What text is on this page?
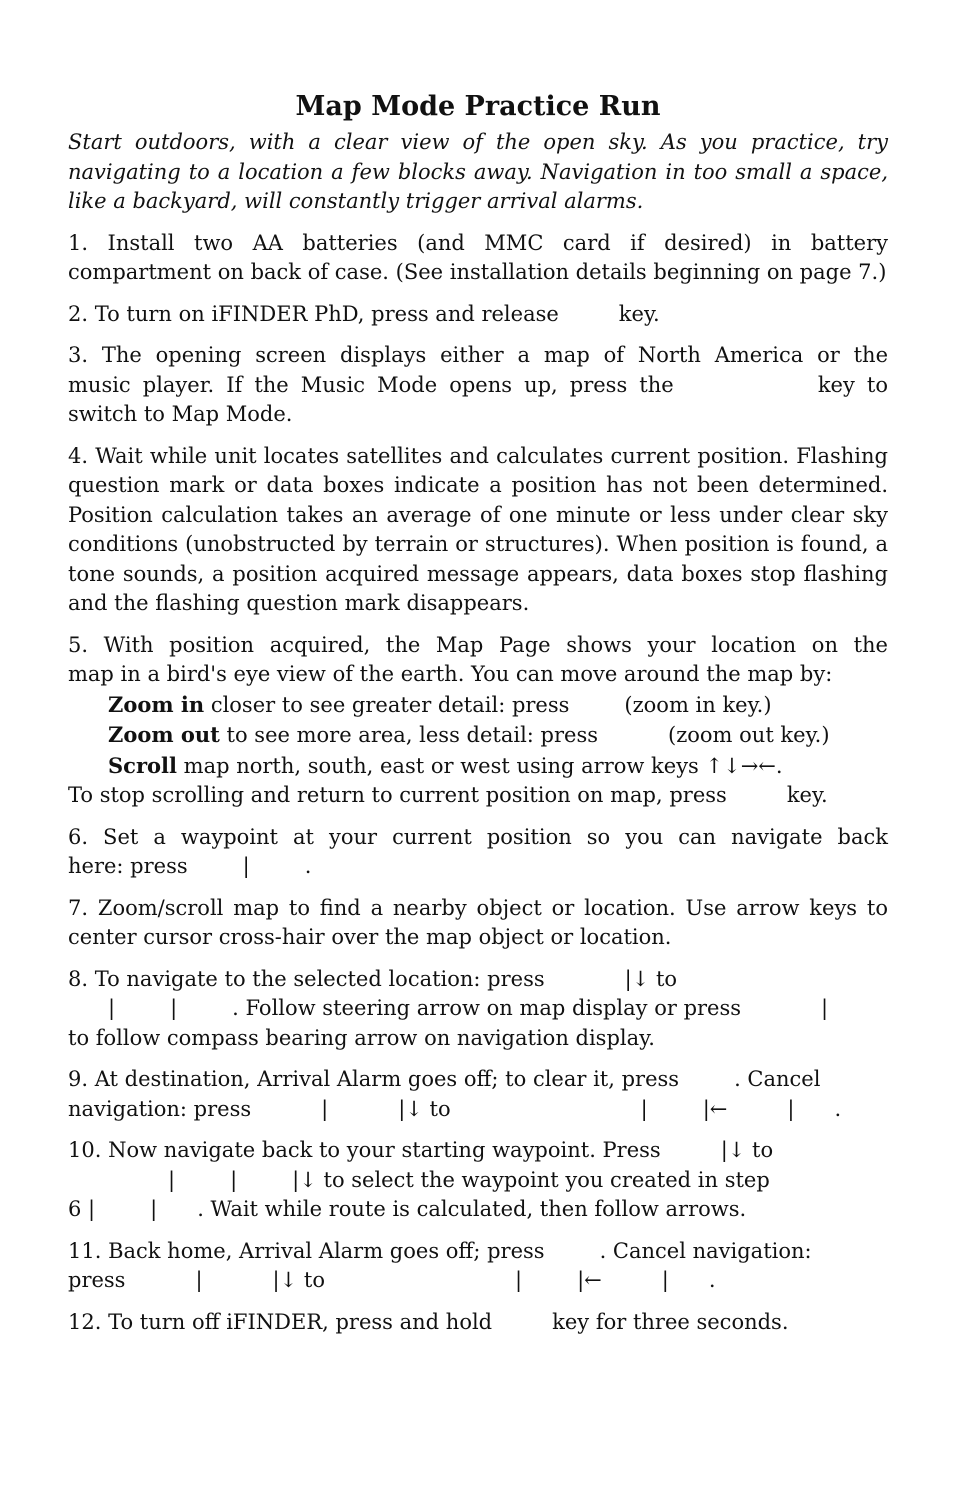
Map Mode Practice Run

Start outdoors, with a clear view of the open sky. As you practice, try navigating to a location a few blocks away. Navigation in too small a space, like a backyard, will constantly trigger arrival alarms.

1. Install two AA batteries (and MMC card if desired) in battery compartment on back of case. (See installation details beginning on page 7.)

2. To turn on iFINDER PhD, press and release	key.

3. The opening screen displays either a map of North America or the
music player. If the Music Mode opens up, press the	key to
switch to Map Mode.

4. Wait while unit locates satellites and calculates current position. Flashing question mark or data boxes indicate a position has not been determined. Position calculation takes an average of one minute or less under clear sky conditions (unobstructed by terrain or structures). When position is found, a tone sounds, a position acquired message appears, data boxes stop flashing and the flashing question mark disappears.

5. With position acquired, the Map Page shows your location on the
map in a bird's eye view of the earth. You can move around the map by:
Zoom in closer to see greater detail: press	(zoom in key.)
Zoom out to see more area, less detail: press	(zoom out key.)
Scroll map north, south, east or west using arrow keys ↑↓→←.
To stop scrolling and return to current position on map, press	key.

6. Set a waypoint at your current position so you can navigate back
here: press	|	.

7. Zoom/scroll map to find a nearby object or location. Use arrow keys to center cursor cross-hair over the map object or location.

8. To navigate to the selected location: press	|↓ to
|	|	. Follow steering arrow on map display or press	|
to follow compass bearing arrow on navigation display.

9. At destination, Arrival Alarm goes off; to clear it, press	. Cancel
navigation: press	|	|↓ to	|	|←	| .

10. Now navigate back to your starting waypoint. Press	|↓ to
|	|	|↓ to select the waypoint you created in step
6 |	| . Wait while route is calculated, then follow arrows.

11. Back home, Arrival Alarm goes off; press	. Cancel navigation:
press	|	|↓ to	|	|←	| .

12. To turn off iFINDER, press and hold	key for three seconds.
